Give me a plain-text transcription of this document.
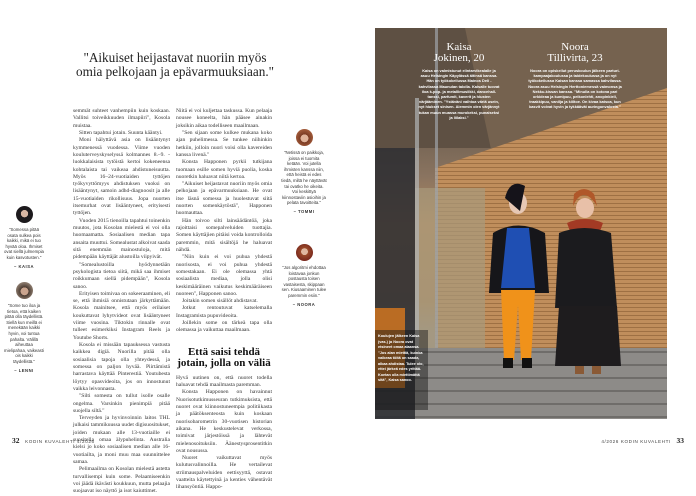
"Aikuiset heijastavat nuoriin myös omia pelkojaan ja epävarmuuksiaan."

semmät suhteet vanhempiin kuin koskaan. Vallitsi toiveikkuuden ilmapiiri", Kosola muistaa.

Sitten tapahtui jotain. Suunta kääntyi.

Moni hälyttävä asia on lisääntynyt kymmenessä vuodessa. Viime vuoden kouluterveyskyselyssä kolmannes 8.–9. -luokkalaisista tytöistä kertoi kokeneensa kohtalaista tai vaikeaa ahdistuneisuutta. Myös 16–24-vuotiaiden tyttöjen työkyvyttömyys ahdistuksen vuoksi on lisääntynyt, samoin adhd-diagnoosit ja alle 15-vuotiaiden rikollisuus. Jopa nuorten itsemurhat ovat lisääntyneet, erityisesti tyttöjen.

Vuoden 2015 tienoilla tapahtui toinenkin muutos, jota Kosolan mielestä ei voi olla huomaamatta. Sosiaalisen median tapa ansaita muuttui. Somealustat alkoivat saada sitä enemmän mainostuloja, mitä pidempään käyttäjät alustoilla viipyivät.

"Somealustoilla hyödynnetään psykologista tietoa siitä, mikä saa ihmiset roikkumaan siellä pidempään", Kosola sanoo.

Erityisen toimivaa on sokeeraaminen, eli se, että ihmisiä onnistutaan järkyttämään. Kosola mainitsee, että myös erilaiset koukuttavat lyhytvideot ovat lisääntyneet viime vuosina. Tiktokin rinnalle ovat tulleet esimerkiksi Instagram Reels ja Youtube Shorts.

Kosola ei missään tapauksessa vastusta kaikkea digiä. Nuorilla pitää olla sosiaalisia tapoja olla yhteydessä, ja somessa on paljon hyvää. Piirtämistä harrastava käyttää Pinterestiä. Youtubesta löytyy opasvideoita, jos on innostunut vaikka leivonnasta.

"Silti somesta on tullut isolle osalle ongelma. Varsinkin pienimpiä pitää suojella siltä."

Terveyden ja hyvinvoinnin laitos THL julkaisi tammikuussa uudet digisuositukset, joiden mukaan alle 13-vuotiaille ei suositella omaa älypuhelinta. Australia kielsi jo koko sosiaalisen median alle 16-vuotiailta, ja moni muu maa suunnittelee samaa.

Pelimaailma on Kosolan mielestä astetta turvallisempi kuin some. Pelaamiseenkin voi jäädä ikävästi koukkuun, mutta pelaajia suojaavat iso näyttö ja isot kaiuttimet.

Niitä ei voi kuljettaa taskussa. Kun pelaaja nousee koneelta, hän pääsee ainakin joksikin aikaa todelliseen maailmaan.

"Sen sijaan some kulkee mukana koko ajan puhelimessa. Se tunkee niihinkin hetkiin, jolloin nuori voisi olla kavereiden kanssa livenä."

Konsta Happonen pyrkii tutkijana tuomaan esille somen hyviä puolia, koska nuoretkin haluavat niitä kertoa.

"Aikuiset heijastavat nuoriin myös omia pelkojaan ja epävarmuuksiaan. He ovat itse läsnä somessa ja huolestuvat siitä nuorten somenkäytöstä", Happonen huomauttaa.

Hän toivoo silti lainsäädäntöä, joka rajoittaisi somepalveluiden tuottajia. Somen käyttäjien pitäisi voida kontrolloida paremmin, mitä sisältöjä he haluavat nähdä.

"Niin kuin ei voi puhua yhdestä nuorisosta, ei voi puhua yhdestä somestakaan. Ei ole olemassa yhtä sosiaalista mediaa, jolla olisi keskimääräinen vaikutus keskimääräiseen nuoreen", Happonen sanoo.

Joitakin somen sisällöt ahdistavat.

Jotkut rentoutuvat katselemalla Instagramista pupuvideoita.

Joillekin some on tärkeä tapa olla olemassa ja vaikuttaa maailmaan.

Että saisi tehdä jotain, jolla on väliä

Hyvä uutinen on, että nuoret todella haluavat tehdä maailmasta paremman.

Konsta Happonen on havainnut Nuorisotutkimusseuran tutkimuksista, että nuoret ovat kiinnostuneempia politiikasta ja päätöksenteosta kuin koskaan nuorisobarometrin 30-vuotisen historian aikana. He keskustelevat verkossa, toimivat järjestöissä ja lähtevät mielenosoituksiin. Äänestysprosentitkin ovat nousussa.

Nuoret vaikuttavat myös kulutusvalinnoilla. He vertailevat striimauspalveluiden eettisyyttä, ostavat vaatteita käytettyinä ja kenties vähentävät lihansyöntiä. Happo-

"Somessa pitää osata sulkea pois kaikki, mikä ei tuo hyvää oloa. Ihmiset ovat siellä julmempia kuin kasvotusten."
– KAISA
"Some tuo iloa ja tietoa, että kaiken pitää olla täydellistä. Siellä kun meillä ei menekään kaikki hyvin, voi tuntua pahalta. Välillä aiheuttaa mielipahaa, vaikeasti ois kaikki täydellistä."
– LENNI
"Netissä on paikkoja, joissa ei tuomita ketään. Voi jutella ihmisten kanssa niin, että heistä ei edes tiedä, miltä he näyttävät tai ovatko he oikeita. Voi keskittyä kiinnostaviin asioihin ja pelata tavoitteita."
– TOMMI
"Jos algoritmi ehdottaa loistavaa jonkun postausta toisen vastaisesta, skippaan sen. Kiusaaminen tulee paremmin esiin."
– NOORA
Kaisa
Jokinen, 20
Kaisa on valmistunut elintarvikealalle ja asuu Helsingin Käpylässä äitinsä kanssa. Hän on työkokeilussa Mainos Deli -kahvilassa Maunulan talolla. Kaisalle tuovat iloa k-pop- ja metallimusiikki, dancehall-tanssi, parfumit, kaverit ja hiusten värjääminen. "Ystäväni vaihtoa väriä usein, nyt hiukset sinisen. Aiemmin olen värjännyt tukan muun muassa murokeksi, punaiseksi ja liilaksi."
Noora
Tillivirta, 23
Noora on opiskellut peruskoulun jälkeen parturi-kampaajakoulussa ja taidekoulussa ja on nyt työkokeilussa Kaisan kanssa samassa kahvilassa. Noora asuu Helsingin Herttoniemessä vaimonsa ja Nekku-kissan kanssa. "Minulla on kotona pari orkideaa ja kumipuu, peikonlehti, anopinkieli, traakkipuu, vanilja ja kiiltoe. On kivaa katsoa, kun kasvit voivat hyvin ja tykkäävät auringonvalosta."
Koulujen jälkeen Kaisa (vas.) ja Noora ovat etsineet omaa alaansa. "Jos alan miettiä, kuinka vaikeaa töitä on saada, alkaa ahdistaa. Tulee olo, ettei järkeä edes yrittää. Koetan olla miettimättä sitä", Kaisa sanoo.
32 KODIN KUVALEHTI 4/2026	4/2026 KODIN KUVALEHTI 33
